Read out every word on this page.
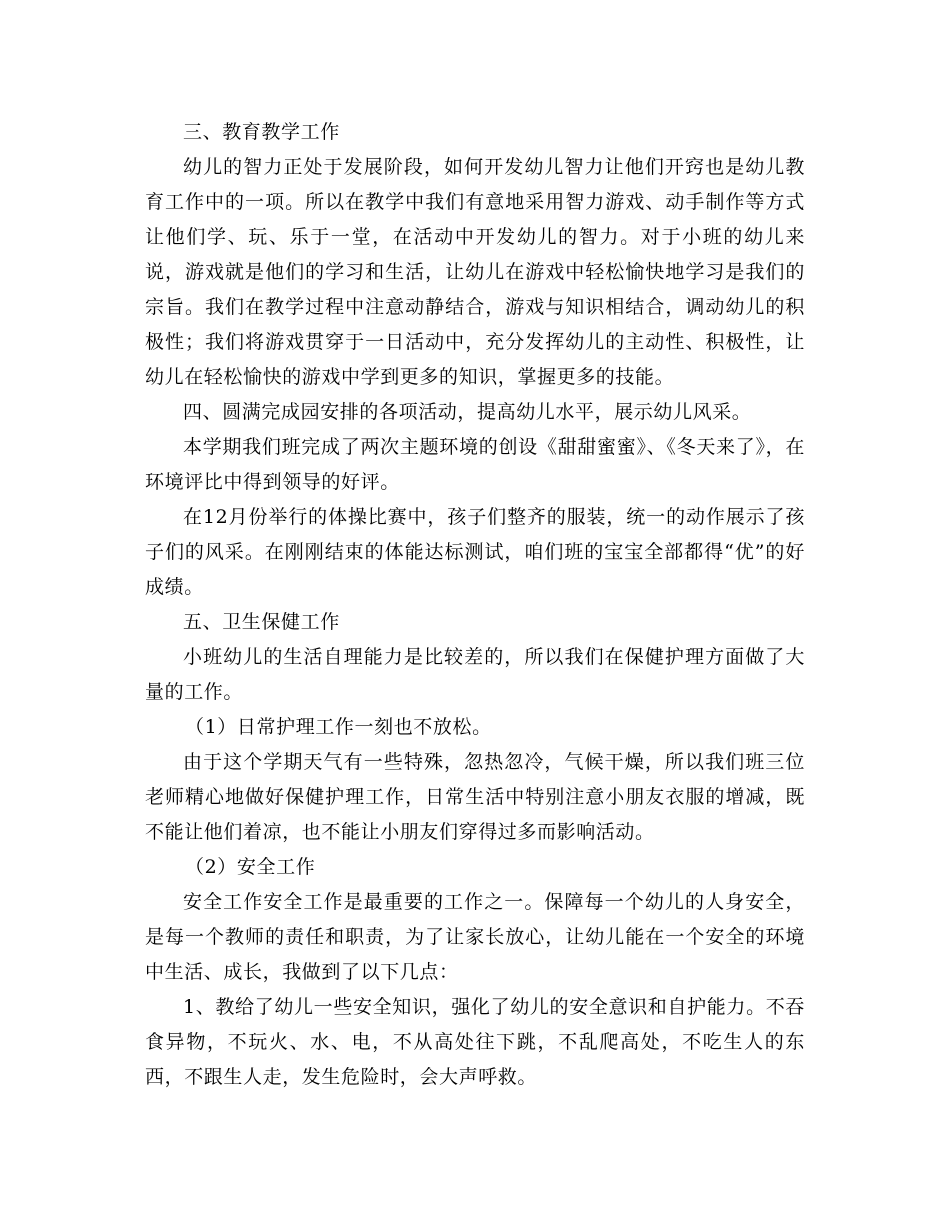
三、教育教学工作

幼儿的智力正处于发展阶段，如何开发幼儿智力让他们开窍也是幼儿教育工作中的一项。所以在教学中我们有意地采用智力游戏、动手制作等方式让他们学、玩、乐于一堂，在活动中开发幼儿的智力。对于小班的幼儿来说，游戏就是他们的学习和生活，让幼儿在游戏中轻松愉快地学习是我们的宗旨。我们在教学过程中注意动静结合，游戏与知识相结合，调动幼儿的积极性；我们将游戏贯穿于一日活动中，充分发挥幼儿的主动性、积极性，让幼儿在轻松愉快的游戏中学到更多的知识，掌握更多的技能。

四、圆满完成园安排的各项活动，提高幼儿水平，展示幼儿风采。

本学期我们班完成了两次主题环境的创设《甜甜蜜蜜》、《冬天来了》，在环境评比中得到领导的好评。

在12月份举行的体操比赛中，孩子们整齐的服装，统一的动作展示了孩子们的风采。在刚刚结束的体能达标测试，咱们班的宝宝全部都得“优”的好成绩。

五、卫生保健工作

小班幼儿的生活自理能力是比较差的，所以我们在保健护理方面做了大量的工作。

（1）日常护理工作一刻也不放松。

由于这个学期天气有一些特殊，忽热忽冷，气候干燥，所以我们班三位老师精心地做好保健护理工作，日常生活中特别注意小朋友衣服的增减，既不能让他们着凉，也不能让小朋友们穿得过多而影响活动。

（2）安全工作

安全工作安全工作是最重要的工作之一。保障每一个幼儿的人身安全，是每一个教师的责任和职责，为了让家长放心，让幼儿能在一个安全的环境中生活、成长，我做到了以下几点：

1、教给了幼儿一些安全知识，强化了幼儿的安全意识和自护能力。不吞食异物，不玩火、水、电，不从高处往下跳，不乱爬高处，不吃生人的东西，不跟生人走，发生危险时，会大声呼救。
